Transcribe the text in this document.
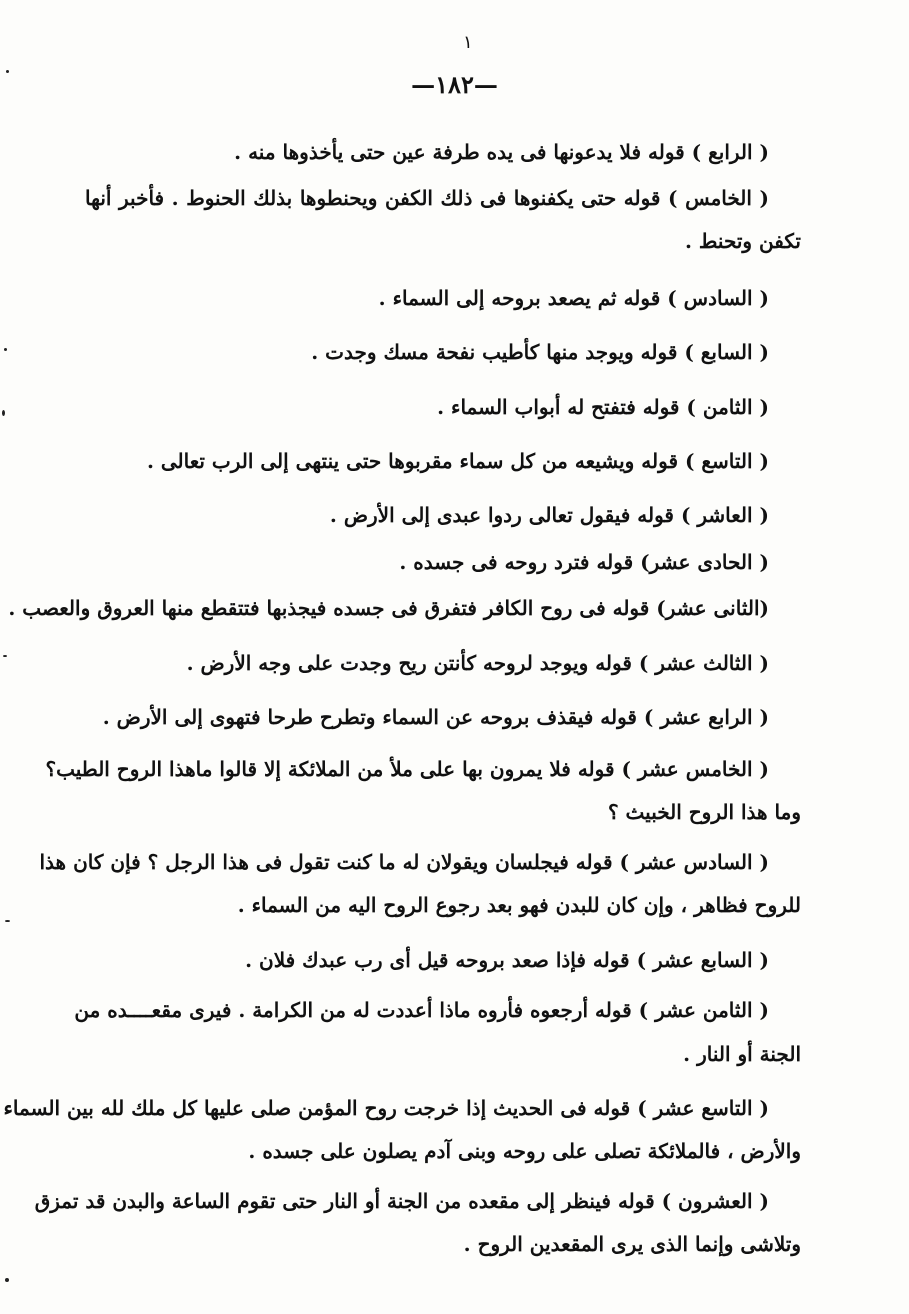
١
—١٨٢—
( الرابع ) قوله فلا يدعونها فى يده طرفة عين حتى يأخذوها منه .
( الخامس ) قوله حتى يكفنوها فى ذلك الكفن ويحنطوها بذلك الحنوط . فأخبر أنها
تكفن وتحنط .
( السادس ) قوله ثم يصعد بروحه إلى السماء .
( السابع ) قوله ويوجد منها كأطيب نفحة مسك وجدت .
( الثامن ) قوله فتفتح له أبواب السماء .
( التاسع ) قوله ويشيعه من كل سماء مقربوها حتى ينتهى إلى الرب تعالى .
( العاشر ) قوله فيقول تعالى ردوا عبدى إلى الأرض .
( الحادى عشر) قوله فترد روحه فى جسده .
(الثانى عشر) قوله فى روح الكافر فتفرق فى جسده فيجذبها فتتقطع منها العروق والعصب .
( الثالث عشر ) قوله ويوجد لروحه كأنتن ريح وجدت على وجه الأرض .
( الرابع عشر ) قوله فيقذف بروحه عن السماء وتطرح طرحا فتهوى إلى الأرض .
( الخامس عشر ) قوله فلا يمرون بها على ملأ من الملائكة إلا قالوا ماهذا الروح الطيب؟
وما هذا الروح الخبيث ؟
( السادس عشر ) قوله فيجلسان ويقولان له ما كنت تقول فى هذا الرجل ؟ فإن كان هذا
للروح فظاهر ، وإن كان للبدن فهو بعد رجوع الروح اليه من السماء .
( السابع عشر ) قوله فإذا صعد بروحه قيل أى رب عبدك فلان .
( الثامن عشر ) قوله أرجعوه فأروه ماذا أعددت له من الكرامة . فيرى مقعــــده من
الجنة أو النار .
( التاسع عشر ) قوله فى الحديث إذا خرجت روح المؤمن صلى عليها كل ملك لله بين السماء
والأرض ، فالملائكة تصلى على روحه وبنى آدم يصلون على جسده .
( العشرون ) قوله فينظر إلى مقعده من الجنة أو النار حتى تقوم الساعة والبدن قد تمزق
وتلاشى وإنما الذى يرى المقعدين الروح .
